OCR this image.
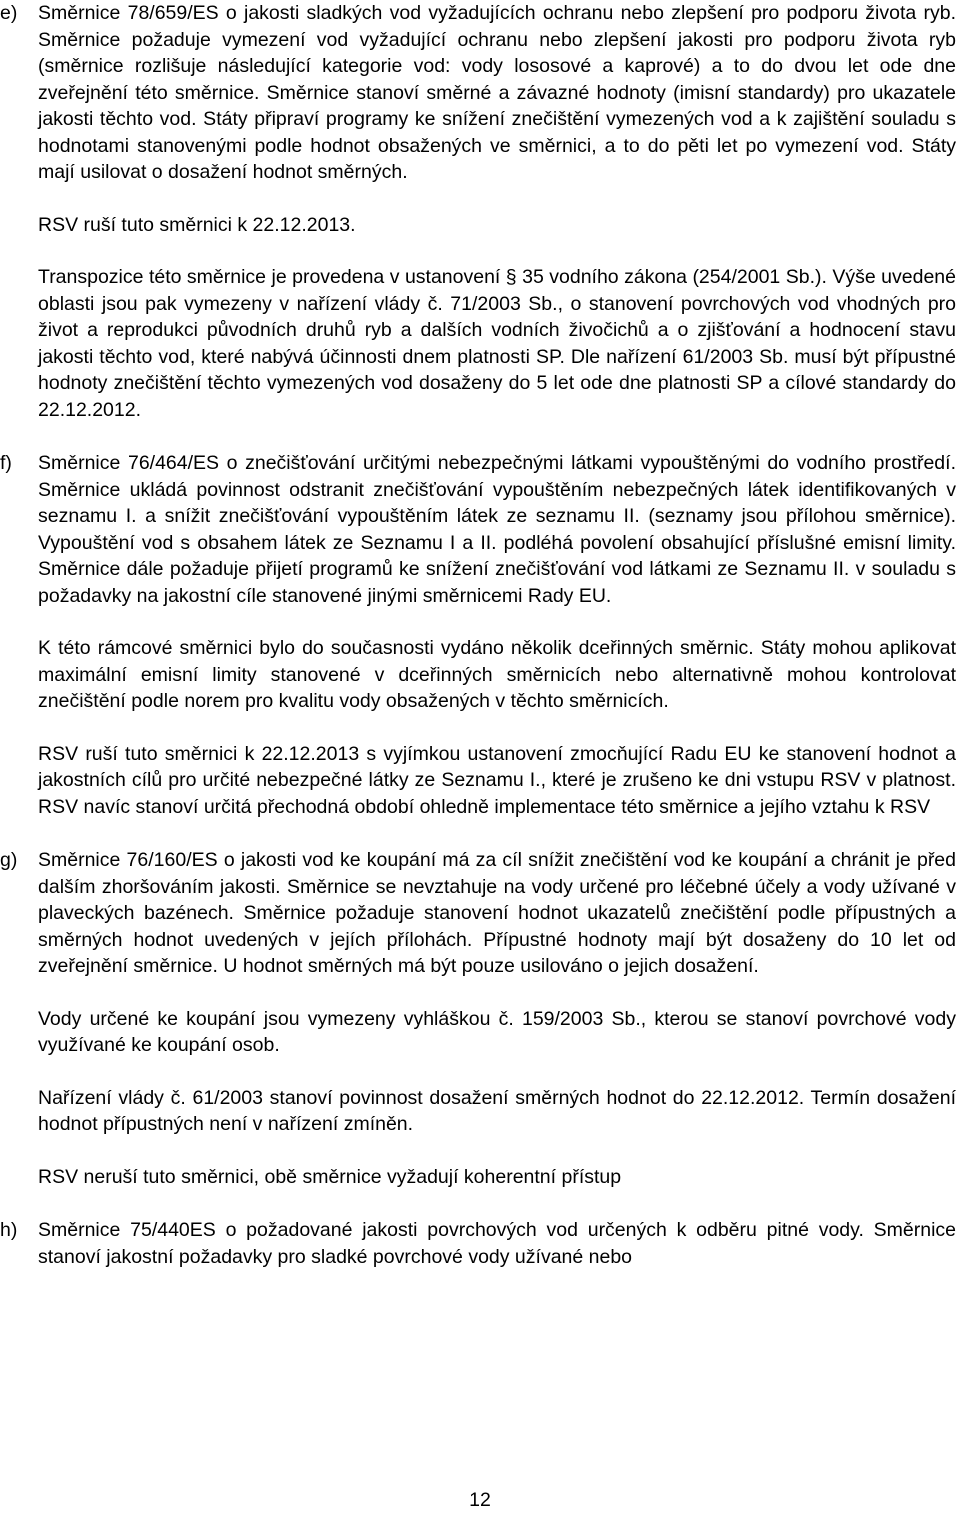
e) Směrnice 78/659/ES o jakosti sladkých vod vyžadujících ochranu nebo zlepšení pro podporu života ryb. Směrnice požaduje vymezení vod vyžadující ochranu nebo zlepšení jakosti pro podporu života ryb (směrnice rozlišuje následující kategorie vod: vody lososové a kaprové) a to do dvou let ode dne zveřejnění této směrnice. Směrnice stanoví směrné a závazné hodnoty (imisní standardy) pro ukazatele jakosti těchto vod. Státy připraví programy ke snížení znečištění vymezených vod a k zajištění souladu s hodnotami stanovenými podle hodnot obsažených ve směrnici, a to do pěti let po vymezení vod. Státy mají usilovat o dosažení hodnot směrných.

RSV ruší tuto směrnici k 22.12.2013.

Transpozice této směrnice je provedena v ustanovení § 35 vodního zákona (254/2001 Sb.). Výše uvedené oblasti jsou pak vymezeny v nařízení vlády č. 71/2003 Sb., o stanovení povrchových vod vhodných pro život a reprodukci původních druhů ryb a dalších vodních živočichů a o zjišťování a hodnocení stavu jakosti těchto vod, které nabývá účinnosti dnem platnosti SP. Dle nařízení 61/2003 Sb. musí být přípustné hodnoty znečištění těchto vymezených vod dosaženy do 5 let ode dne platnosti SP a cílové standardy do 22.12.2012.

f) Směrnice 76/464/ES o znečišťování určitými nebezpečnými látkami vypouštěnými do vodního prostředí. Směrnice ukládá povinnost odstranit znečišťování vypouštěním nebezpečných látek identifikovaných v seznamu I. a snížit znečišťování vypouštěním látek ze seznamu II. (seznamy jsou přílohou směrnice). Vypouštění vod s obsahem látek ze Seznamu I a II. podléhá povolení obsahující příslušné emisní limity. Směrnice dále požaduje přijetí programů ke snížení znečišťování vod látkami ze Seznamu II. v souladu s požadavky na jakostní cíle stanovené jinými směrnicemi Rady EU.

K této rámcové směrnici bylo do současnosti vydáno několik dceřinných směrnic. Státy mohou aplikovat maximální emisní limity stanovené v dceřinných směrnicích nebo alternativně mohou kontrolovat znečištění podle norem pro kvalitu vody obsažených v těchto směrnicích.

RSV ruší tuto směrnici k 22.12.2013 s vyjímkou ustanovení zmocňující Radu EU ke stanovení hodnot a jakostních cílů pro určité nebezpečné látky ze Seznamu I., které je zrušeno ke dni vstupu RSV v platnost. RSV navíc stanoví určitá přechodná období ohledně implementace této směrnice a jejího vztahu k RSV

g) Směrnice 76/160/ES o jakosti vod ke koupání má za cíl snížit znečištění vod ke koupání a chránit je před dalším zhoršováním jakosti. Směrnice se nevztahuje na vody určené pro léčebné účely a vody užívané v plaveckých bazénech. Směrnice požaduje stanovení hodnot ukazatelů znečištění podle přípustných a směrných hodnot uvedených v jejích přílohách. Přípustné hodnoty mají být dosaženy do 10 let od zveřejnění směrnice. U hodnot směrných má být pouze usilováno o jejich dosažení.

Vody určené ke koupání jsou vymezeny vyhláškou č. 159/2003 Sb., kterou se stanoví povrchové vody využívané ke koupání osob.

Nařízení vlády č. 61/2003 stanoví povinnost dosažení směrných hodnot do 22.12.2012. Termín dosažení hodnot přípustných není v nařízení zmíněn.

RSV neruší tuto směrnici, obě směrnice vyžadují koherentní přístup

h) Směrnice 75/440ES o požadované jakosti povrchových vod určených k odběru pitné vody. Směrnice stanoví jakostní požadavky pro sladké povrchové vody užívané nebo

12
